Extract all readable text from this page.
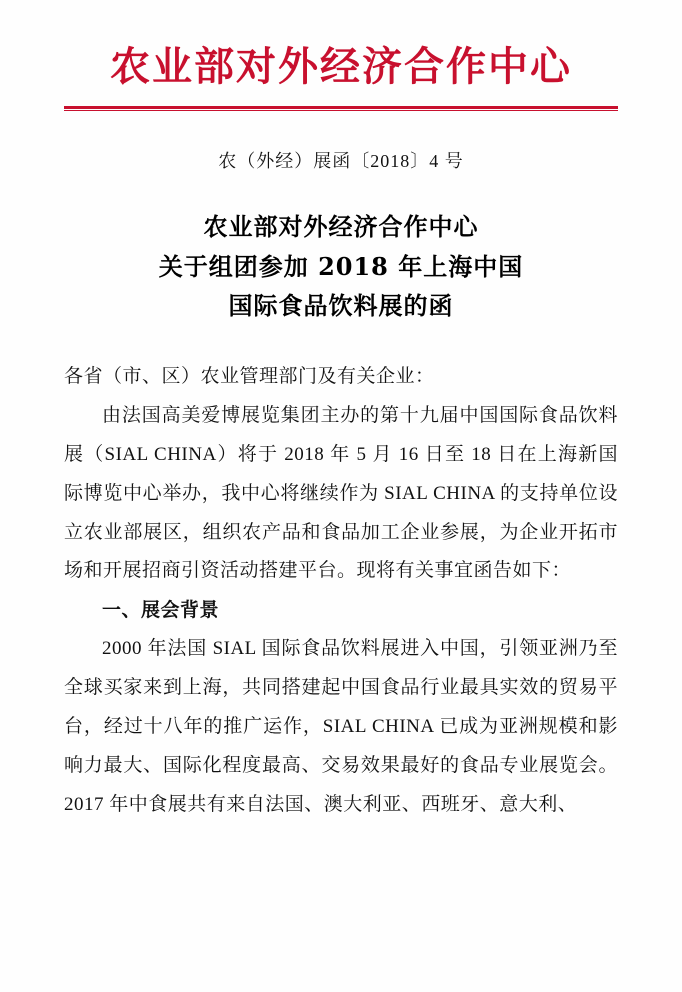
农业部对外经济合作中心
农（外经）展函〔2018〕4 号
农业部对外经济合作中心
关于组团参加 2018 年上海中国
国际食品饮料展的函

各省（市、区）农业管理部门及有关企业：

由法国高美爱博展览集团主办的第十九届中国国际食品饮料展（SIAL CHINA）将于 2018 年 5 月 16 日至 18 日在上海新国际博览中心举办，我中心将继续作为 SIAL CHINA 的支持单位设立农业部展区，组织农产品和食品加工企业参展，为企业开拓市场和开展招商引资活动搭建平台。现将有关事宜函告如下：

一、展会背景

2000 年法国 SIAL 国际食品饮料展进入中国，引领亚洲乃至全球买家来到上海，共同搭建起中国食品行业最具实效的贸易平台，经过十八年的推广运作，SIAL CHINA 已成为亚洲规模和影响力最大、国际化程度最高、交易效果最好的食品专业展览会。2017 年中食展共有来自法国、澳大利亚、西班牙、意大利、
